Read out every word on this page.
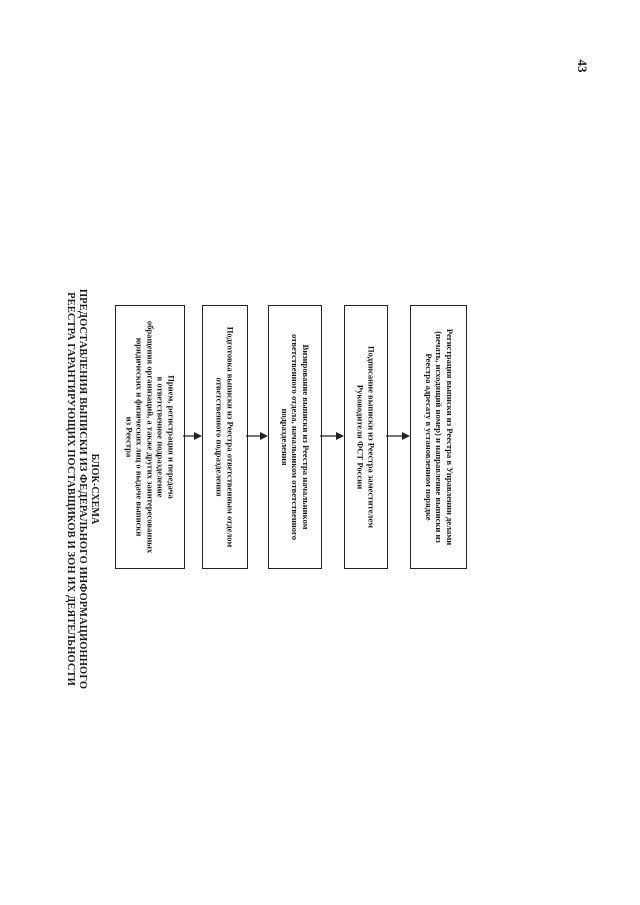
43
БЛОК-СХЕМА
ПРЕДОСТАВЛЕНИЯ ВЫПИСКИ ИЗ ФЕДЕРАЛЬНОГО ИНФОРМАЦИОННОГО
РЕЕСТРА ГАРАНТИРУЮЩИХ ПОСТАВЩИКОВ И ЗОН ИХ ДЕЯТЕЛЬНОСТИ	Прием, регистрация и передача
в ответственное подразделение
обращения организаций, а также других заинтересованных
юридических и физических лиц о выдаче выписки
из Реестра	Подготовка выписки из Реестра ответственным отделом
ответственного подразделения	Визирование выписки из Реестра начальником
ответственного отдела, начальником ответственного
подразделения	Подписание выписки из Реестра заместителем
Руководителя ФСТ России	Регистрация выписки из Реестра в Управлении делами
(печать, исходящий номер) и направление выписки из
Реестра адресату в установленном порядке
